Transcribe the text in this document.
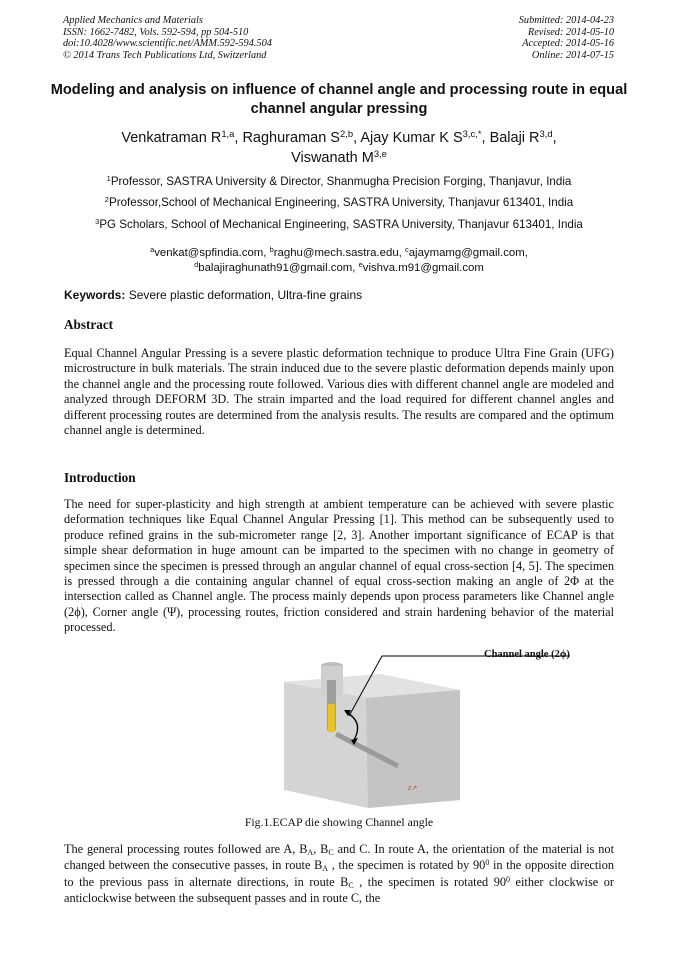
Applied Mechanics and Materials
ISSN: 1662-7482, Vols. 592-594, pp 504-510
doi:10.4028/www.scientific.net/AMM.592-594.504
© 2014 Trans Tech Publications Ltd, Switzerland
Submitted: 2014-04-23
Revised: 2014-05-10
Accepted: 2014-05-16
Online: 2014-07-15
Modeling and analysis on influence of channel angle and processing route in equal channel angular pressing
Venkatraman R$^{1,a}$, Raghuraman S$^{2,b}$, Ajay Kumar K $S^{3,c,*}$, Balaji R$^{3,d}$,
Viswanath M$^{3,e}$
$^1$Professor, SASTRA University & Director, Shanmugha Precision Forging, Thanjavur, India
$^2$Professor,School of Mechanical Engineering, SASTRA University, Thanjavur 613401, India
$^3$PG Scholars, School of Mechanical Engineering, SASTRA University, Thanjavur 613401, India
$^a$venkat@spfindia.com, $^b$raghu@mech.sastra.edu, $^c$ajaymamg@gmail.com,
$^d$balajiraghunath91@gmail.com, $^e$vishva.m91@gmail.com
Keywords: Severe plastic deformation, Ultra-fine grains
Abstract
Equal Channel Angular Pressing is a severe plastic deformation technique to produce Ultra Fine Grain (UFG) microstructure in bulk materials. The strain induced due to the severe plastic deformation depends mainly upon the channel angle and the processing route followed. Various dies with different channel angle are modeled and analyzed through DEFORM 3D. The strain imparted and the load required for different channel angles and different processing routes are determined from the analysis results. The results are compared and the optimum channel angle is determined.
Introduction
The need for super-plasticity and high strength at ambient temperature can be achieved with severe plastic deformation techniques like Equal Channel Angular Pressing [1]. This method can be subsequently used to produce refined grains in the sub-micrometer range [2, 3]. Another important significance of ECAP is that simple shear deformation in huge amount can be imparted to the specimen with no change in geometry of specimen since the specimen is pressed through an angular channel of equal cross-section [4, 5]. The specimen is pressed through a die containing angular channel of equal cross-section making an angle of 2Φ at the intersection called as Channel angle. The process mainly depends upon process parameters like Channel angle (2ϕ), Corner angle (Ψ), processing routes, friction considered and strain hardening behavior of the material processed.
z↗
Channel angle (2ϕ)
Fig.1.ECAP die showing Channel angle
The general processing routes followed are A, $B_A$, $B_C$ and C. In route A, the orientation of the material is not changed between the consecutive passes, in route $B_A$ , the specimen is rotated by $90^0$ in the opposite direction to the previous pass in alternate directions, in route $B_C$ , the specimen is rotated $90^0$ either clockwise or anticlockwise between the subsequent passes and in route C, the
